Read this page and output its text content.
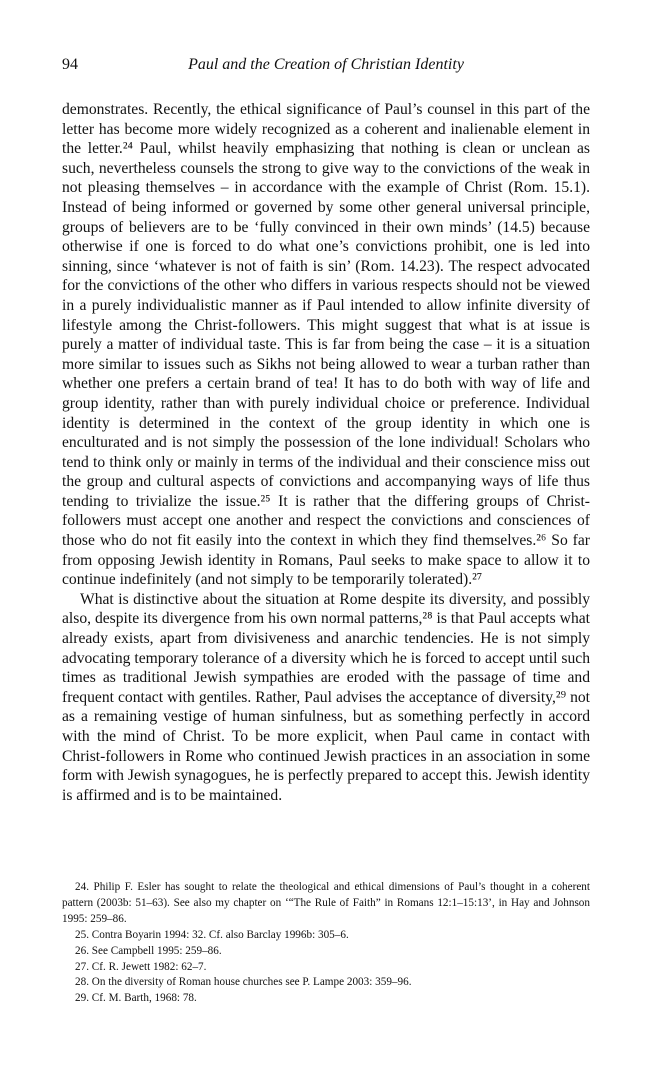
94	Paul and the Creation of Christian Identity

demonstrates. Recently, the ethical significance of Paul’s counsel in this part of the letter has become more widely recognized as a coherent and inalienable element in the letter.²⁴ Paul, whilst heavily emphasizing that nothing is clean or unclean as such, nevertheless counsels the strong to give way to the convictions of the weak in not pleasing themselves – in accordance with the example of Christ (Rom. 15.1). Instead of being informed or governed by some other general universal principle, groups of believers are to be ‘fully convinced in their own minds’ (14.5) because otherwise if one is forced to do what one’s convictions prohibit, one is led into sinning, since ‘whatever is not of faith is sin’ (Rom. 14.23). The respect advocated for the convictions of the other who differs in various respects should not be viewed in a purely individualistic manner as if Paul intended to allow infinite diversity of lifestyle among the Christ-followers. This might suggest that what is at issue is purely a matter of individual taste. This is far from being the case – it is a situation more similar to issues such as Sikhs not being allowed to wear a turban rather than whether one prefers a certain brand of tea! It has to do both with way of life and group identity, rather than with purely individual choice or preference. Individual identity is determined in the context of the group identity in which one is enculturated and is not simply the possession of the lone individual! Scholars who tend to think only or mainly in terms of the individual and their conscience miss out the group and cultural aspects of convictions and accompanying ways of life thus tending to trivialize the issue.²⁵ It is rather that the differing groups of Christ-followers must accept one another and respect the convictions and consciences of those who do not fit easily into the context in which they find themselves.²⁶ So far from opposing Jewish identity in Romans, Paul seeks to make space to allow it to continue indefinitely (and not simply to be temporarily tolerated).²⁷

What is distinctive about the situation at Rome despite its diversity, and possibly also, despite its divergence from his own normal patterns,²⁸ is that Paul accepts what already exists, apart from divisiveness and anarchic tendencies. He is not simply advocating temporary tolerance of a diversity which he is forced to accept until such times as traditional Jewish sympathies are eroded with the passage of time and frequent contact with gentiles. Rather, Paul advises the acceptance of diversity,²⁹ not as a remaining vestige of human sinfulness, but as something perfectly in accord with the mind of Christ. To be more explicit, when Paul came in contact with Christ-followers in Rome who continued Jewish practices in an association in some form with Jewish synagogues, he is perfectly prepared to accept this. Jewish identity is affirmed and is to be maintained.

24. Philip F. Esler has sought to relate the theological and ethical dimensions of Paul’s thought in a coherent pattern (2003b: 51–63). See also my chapter on ‘“The Rule of Faith” in Romans 12:1–15:13’, in Hay and Johnson 1995: 259–86.

25. Contra Boyarin 1994: 32. Cf. also Barclay 1996b: 305–6.

26. See Campbell 1995: 259–86.

27. Cf. R. Jewett 1982: 62–7.

28. On the diversity of Roman house churches see P. Lampe 2003: 359–96.

29. Cf. M. Barth, 1968: 78.
